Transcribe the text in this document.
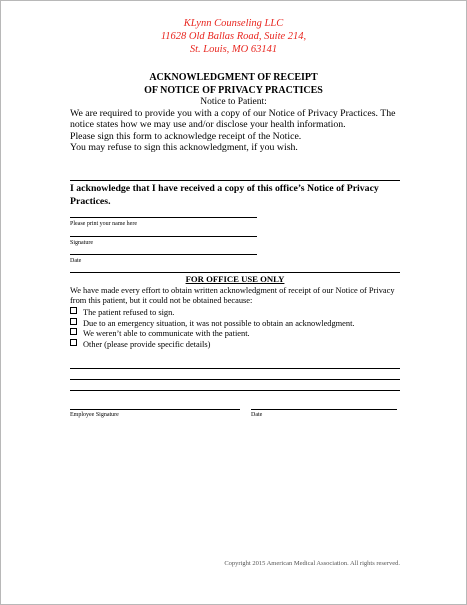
KLynn Counseling LLC
11628 Old Ballas Road, Suite 214,
St. Louis, MO 63141
ACKNOWLEDGMENT OF RECEIPT
OF NOTICE OF PRIVACY PRACTICES
Notice to Patient:

We are required to provide you with a copy of our Notice of Privacy Practices. The notice states how we may use and/or disclose your health information.

Please sign this form to acknowledge receipt of the Notice.

You may refuse to sign this acknowledgment, if you wish.

I acknowledge that I have received a copy of this office’s Notice of Privacy Practices.
Please print your name here
Signature
Date
FOR OFFICE USE ONLY
We have made every effort to obtain written acknowledgment of receipt of our Notice of Privacy from this patient, but it could not be obtained because:
The patient refused to sign.
Due to an emergency situation, it was not possible to obtain an acknowledgment.
We weren’t able to communicate with the patient.
Other (please provide specific details)
Employee Signature	Date
Copyright 2015 American Medical Association. All rights reserved.
